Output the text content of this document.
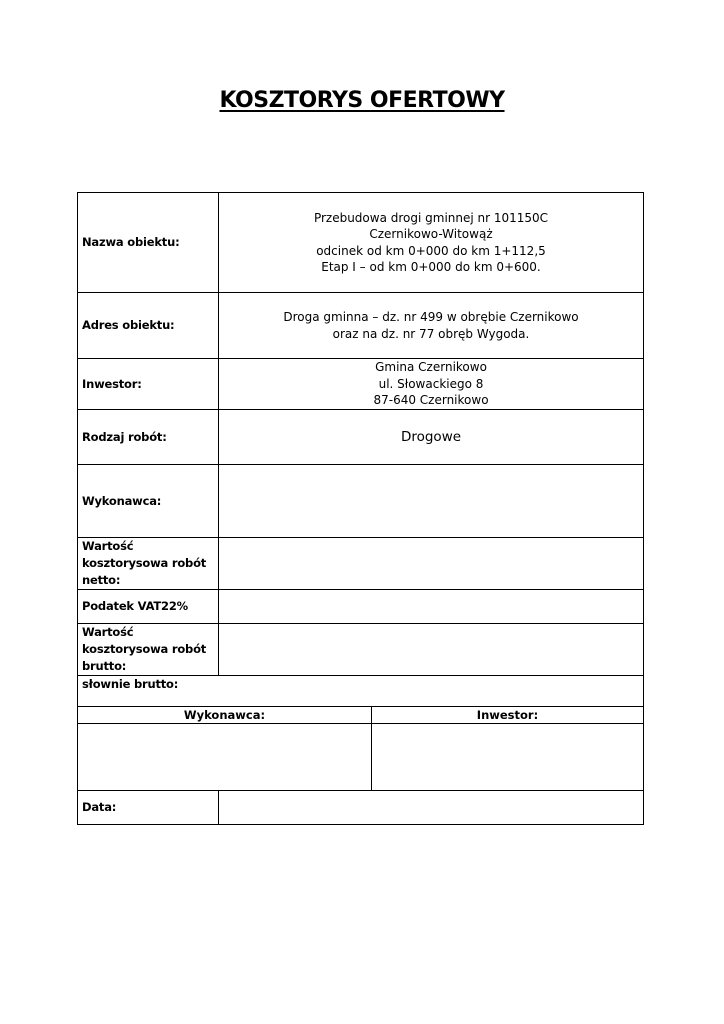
KOSZTORYS OFERTOWY
Nazwa obiektu:	Przebudowa drogi gminnej nr 101150C
Czernikowo-Witowąż
odcinek od km 0+000 do km 1+112,5
Etap I – od km 0+000 do km 0+600.	

Adres obiektu:	Droga gminna – dz. nr 499 w obrębie Czernikowo
oraz na dz. nr 77 obręb Wygoda.	

Inwestor:	Gmina Czernikowo
ul. Słowackiego 8
87-640 Czernikowo	

Rodzaj robót:	Drogowe	
Wykonawca:		

Wartość
kosztorysowa robót
netto:		

Podatek VAT22%		

Wartość
kosztorysowa robót
brutto:		

słownie brutto:		
Wykonawca:		Inwestor:

Data:		
